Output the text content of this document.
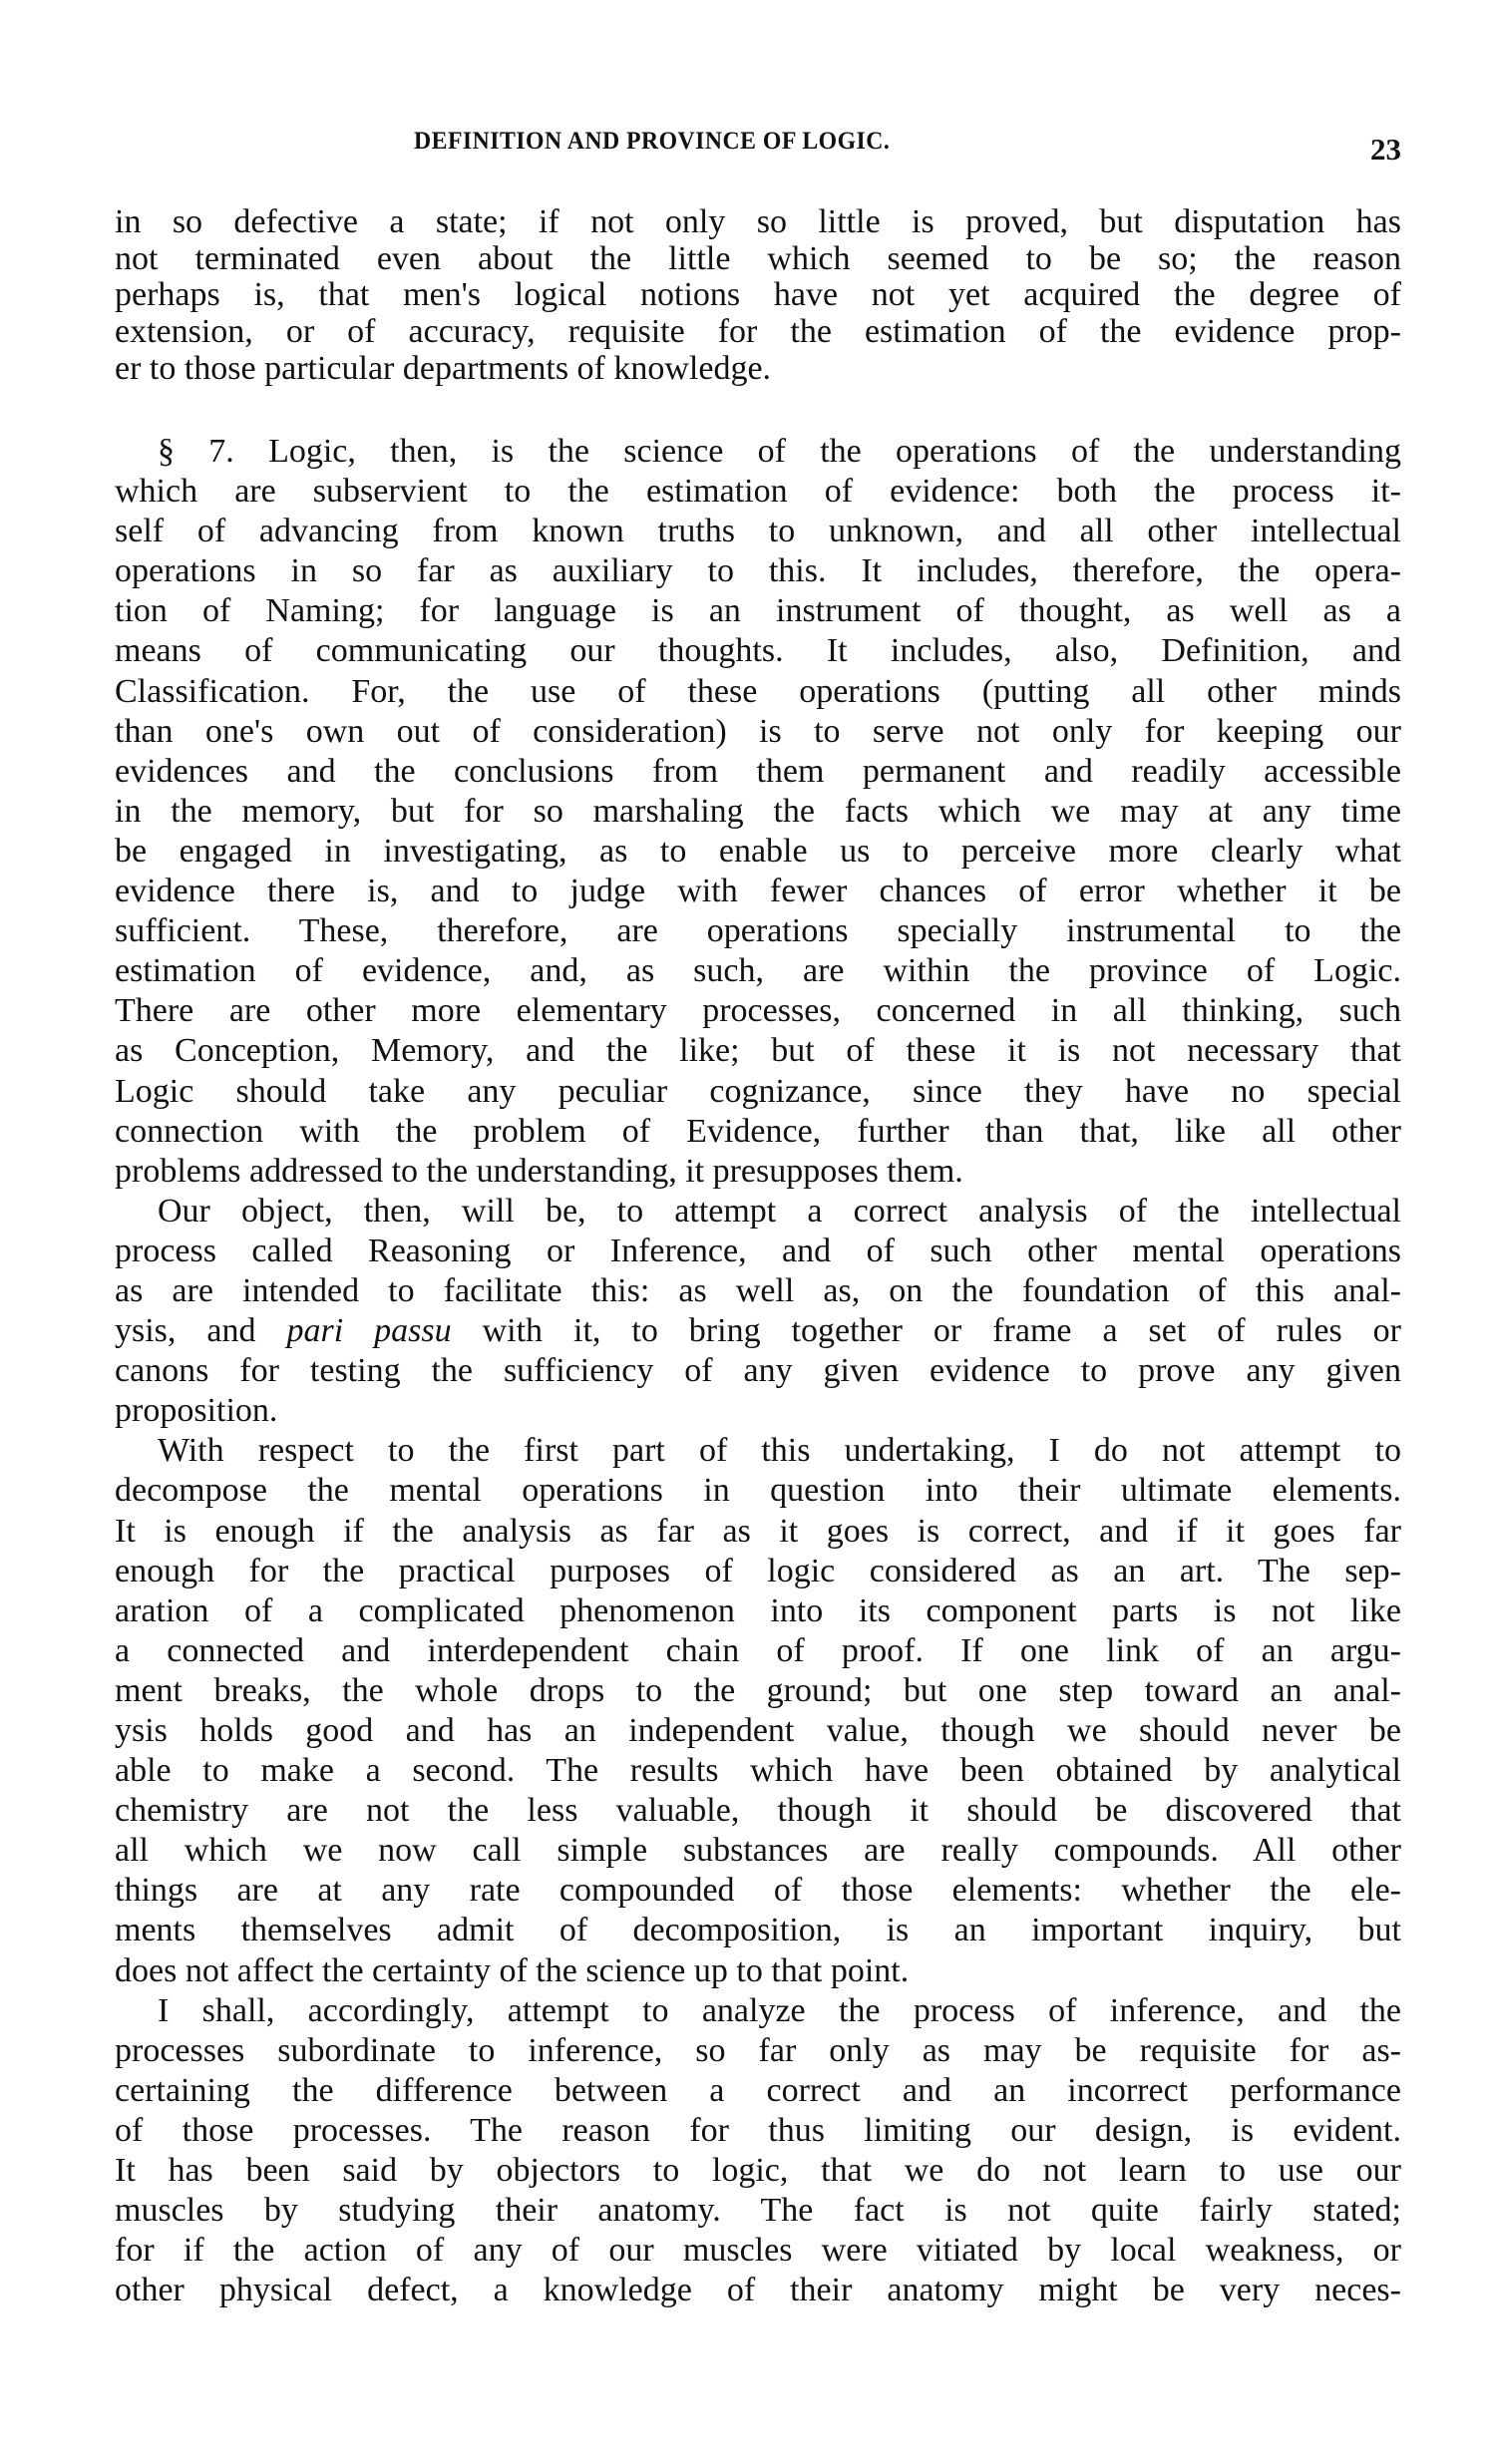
DEFINITION AND PROVINCE OF LOGIC.	23
in so defective a state; if not only so little is proved, but disputation has
not terminated even about the little which seemed to be so; the reason
perhaps is, that men's logical notions have not yet acquired the degree of
extension, or of accuracy, requisite for the estimation of the evidence prop-
er to those particular departments of knowledge.
§ 7. Logic, then, is the science of the operations of the understanding
which are subservient to the estimation of evidence: both the process it-
self of advancing from known truths to unknown, and all other intellectual
operations in so far as auxiliary to this. It includes, therefore, the opera-
tion of Naming; for language is an instrument of thought, as well as a
means of communicating our thoughts. It includes, also, Definition, and
Classification. For, the use of these operations (putting all other minds
than one's own out of consideration) is to serve not only for keeping our
evidences and the conclusions from them permanent and readily accessible
in the memory, but for so marshaling the facts which we may at any time
be engaged in investigating, as to enable us to perceive more clearly what
evidence there is, and to judge with fewer chances of error whether it be
sufficient. These, therefore, are operations specially instrumental to the
estimation of evidence, and, as such, are within the province of Logic.
There are other more elementary processes, concerned in all thinking, such
as Conception, Memory, and the like; but of these it is not necessary that
Logic should take any peculiar cognizance, since they have no special
connection with the problem of Evidence, further than that, like all other
problems addressed to the understanding, it presupposes them.
Our object, then, will be, to attempt a correct analysis of the intellectual
process called Reasoning or Inference, and of such other mental operations
as are intended to facilitate this: as well as, on the foundation of this anal-
ysis, and pari passu with it, to bring together or frame a set of rules or
canons for testing the sufficiency of any given evidence to prove any given
proposition.
With respect to the first part of this undertaking, I do not attempt to
decompose the mental operations in question into their ultimate elements.
It is enough if the analysis as far as it goes is correct, and if it goes far
enough for the practical purposes of logic considered as an art. The sep-
aration of a complicated phenomenon into its component parts is not like
a connected and interdependent chain of proof. If one link of an argu-
ment breaks, the whole drops to the ground; but one step toward an anal-
ysis holds good and has an independent value, though we should never be
able to make a second. The results which have been obtained by analytical
chemistry are not the less valuable, though it should be discovered that
all which we now call simple substances are really compounds. All other
things are at any rate compounded of those elements: whether the ele-
ments themselves admit of decomposition, is an important inquiry, but
does not affect the certainty of the science up to that point.
I shall, accordingly, attempt to analyze the process of inference, and the
processes subordinate to inference, so far only as may be requisite for as-
certaining the difference between a correct and an incorrect performance
of those processes. The reason for thus limiting our design, is evident.
It has been said by objectors to logic, that we do not learn to use our
muscles by studying their anatomy. The fact is not quite fairly stated;
for if the action of any of our muscles were vitiated by local weakness, or
other physical defect, a knowledge of their anatomy might be very neces-
